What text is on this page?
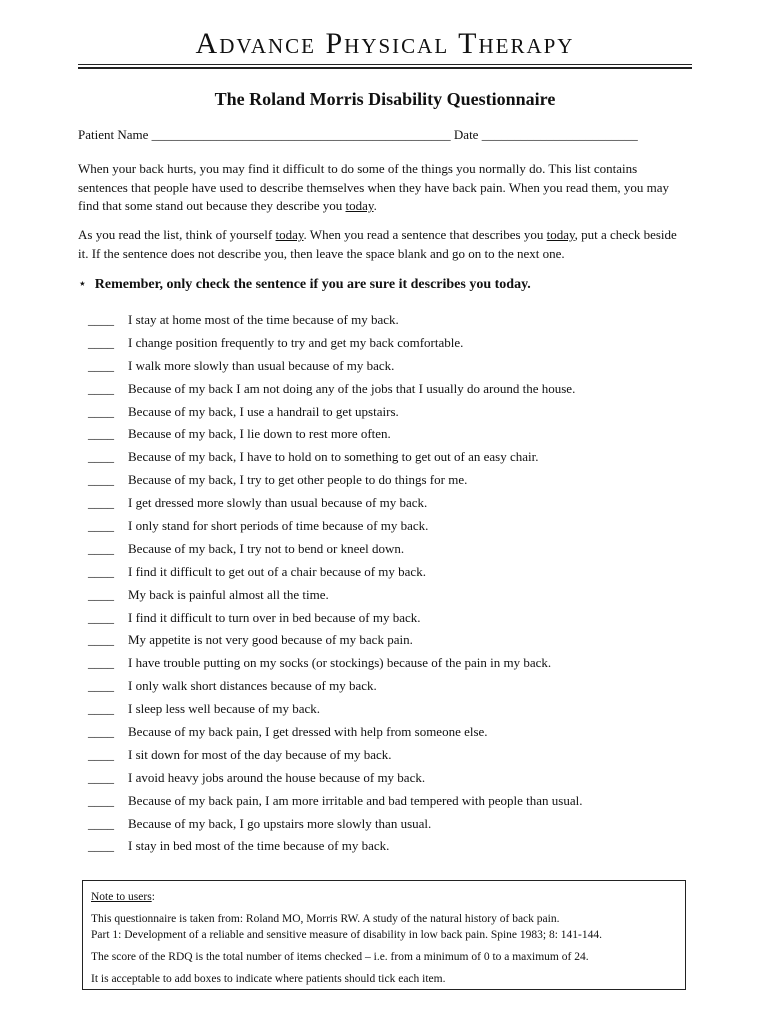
Advance Physical Therapy
The Roland Morris Disability Questionnaire
Patient Name ______________________________________________ Date ________________________
When your back hurts, you may find it difficult to do some of the things you normally do. This list contains sentences that people have used to describe themselves when they have back pain. When you read them, you may find that some stand out because they describe you today.
As you read the list, think of yourself today. When you read a sentence that describes you today, put a check beside it. If the sentence does not describe you, then leave the space blank and go on to the next one.
⋆ Remember, only check the sentence if you are sure it describes you today.
____ I stay at home most of the time because of my back.
____ I change position frequently to try and get my back comfortable.
____ I walk more slowly than usual because of my back.
____ Because of my back I am not doing any of the jobs that I usually do around the house.
____ Because of my back, I use a handrail to get upstairs.
____ Because of my back, I lie down to rest more often.
____ Because of my back, I have to hold on to something to get out of an easy chair.
____ Because of my back, I try to get other people to do things for me.
____ I get dressed more slowly than usual because of my back.
____ I only stand for short periods of time because of my back.
____ Because of my back, I try not to bend or kneel down.
____ I find it difficult to get out of a chair because of my back.
____ My back is painful almost all the time.
____ I find it difficult to turn over in bed because of my back.
____ My appetite is not very good because of my back pain.
____ I have trouble putting on my socks (or stockings) because of the pain in my back.
____ I only walk short distances because of my back.
____ I sleep less well because of my back.
____ Because of my back pain, I get dressed with help from someone else.
____ I sit down for most of the day because of my back.
____ I avoid heavy jobs around the house because of my back.
____ Because of my back pain, I am more irritable and bad tempered with people than usual.
____ Because of my back, I go upstairs more slowly than usual.
____ I stay in bed most of the time because of my back.
Note to users:
This questionnaire is taken from: Roland MO, Morris RW. A study of the natural history of back pain.
Part 1: Development of a reliable and sensitive measure of disability in low back pain. Spine 1983; 8: 141-144.
The score of the RDQ is the total number of items checked – i.e. from a minimum of 0 to a maximum of 24.
It is acceptable to add boxes to indicate where patients should tick each item.
